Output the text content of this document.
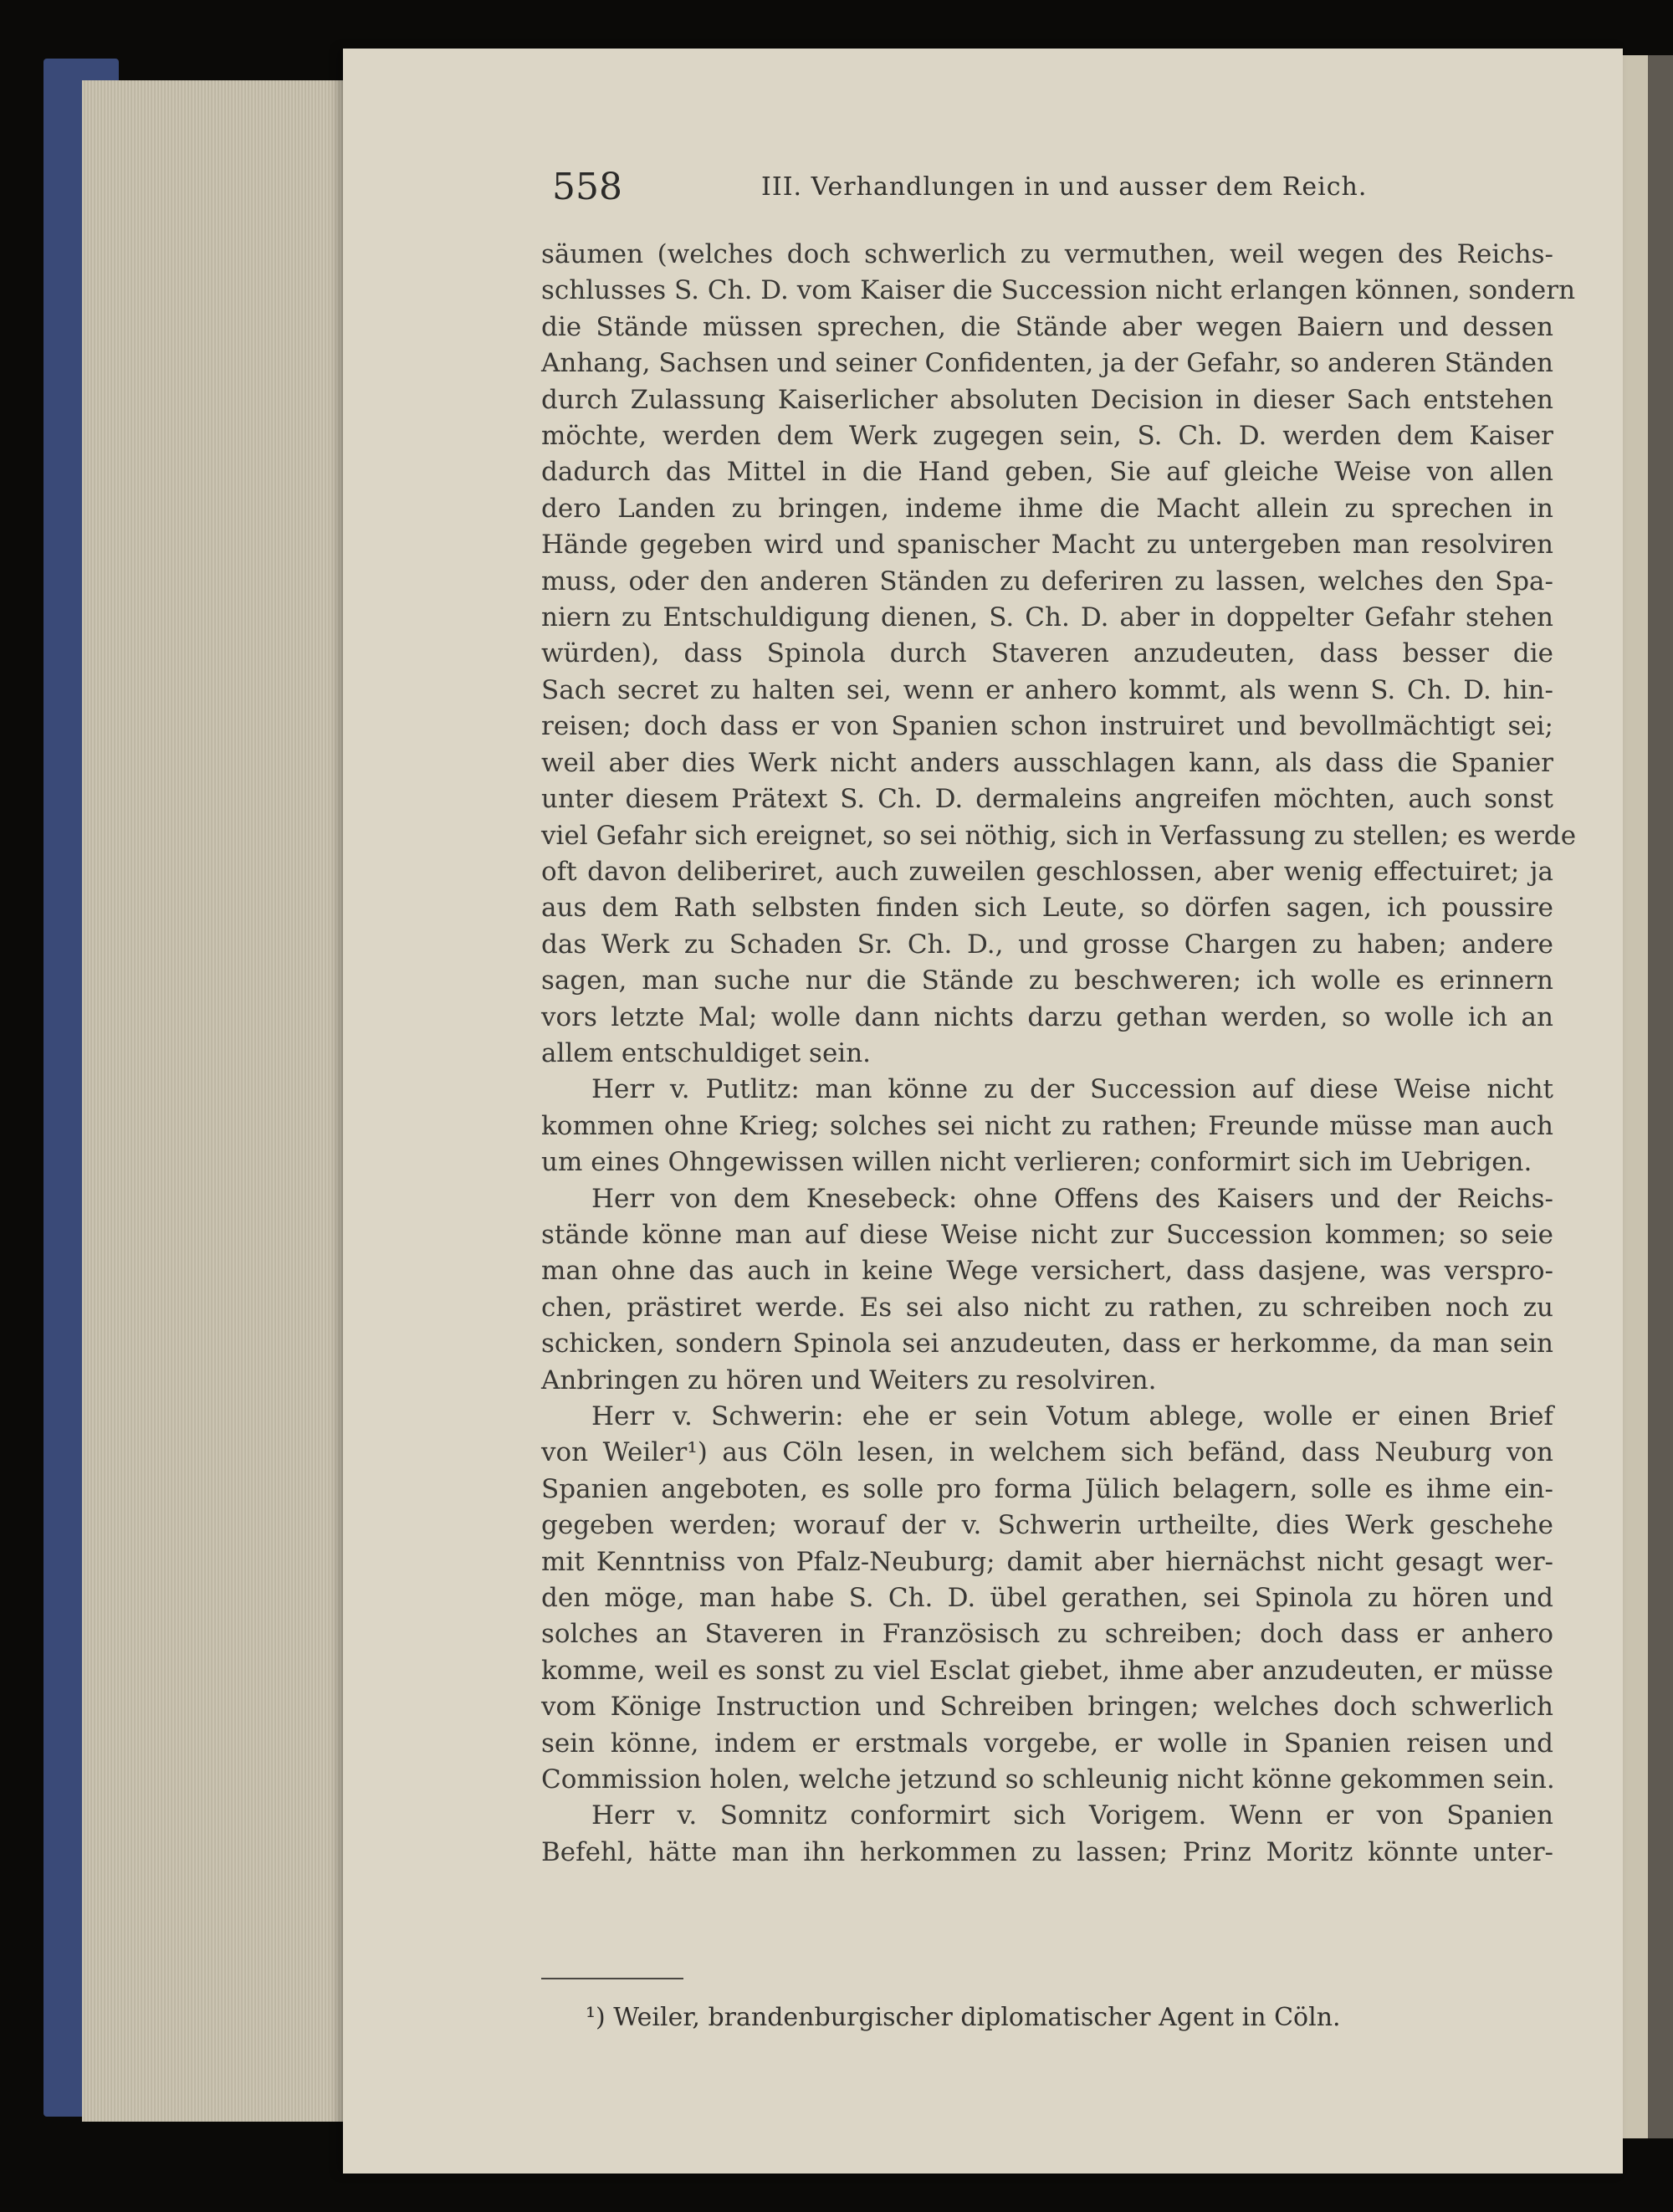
558	III. Verhandlungen in und ausser dem Reich.
säumen (welches doch schwerlich zu vermuthen, weil wegen des Reichs-
schlusses S. Ch. D. vom Kaiser die Succession nicht erlangen können, sondern
die Stände müssen sprechen, die Stände aber wegen Baiern und dessen
Anhang, Sachsen und seiner Confidenten, ja der Gefahr, so anderen Ständen
durch Zulassung Kaiserlicher absoluten Decision in dieser Sach entstehen
möchte, werden dem Werk zugegen sein, S. Ch. D. werden dem Kaiser
dadurch das Mittel in die Hand geben, Sie auf gleiche Weise von allen
dero Landen zu bringen, indeme ihme die Macht allein zu sprechen in
Hände gegeben wird und spanischer Macht zu untergeben man resolviren
muss, oder den anderen Ständen zu deferiren zu lassen, welches den Spa-
niern zu Entschuldigung dienen, S. Ch. D. aber in doppelter Gefahr stehen
würden), dass Spinola durch Staveren anzudeuten, dass besser die
Sach secret zu halten sei, wenn er anhero kommt, als wenn S. Ch. D. hin-
reisen; doch dass er von Spanien schon instruiret und bevollmächtigt sei;
weil aber dies Werk nicht anders ausschlagen kann, als dass die Spanier
unter diesem Prätext S. Ch. D. dermaleins angreifen möchten, auch sonst
viel Gefahr sich ereignet, so sei nöthig, sich in Verfassung zu stellen; es werde
oft davon deliberiret, auch zuweilen geschlossen, aber wenig effectuiret; ja
aus dem Rath selbsten finden sich Leute, so dörfen sagen, ich poussire
das Werk zu Schaden Sr. Ch. D., und grosse Chargen zu haben; andere
sagen, man suche nur die Stände zu beschweren; ich wolle es erinnern
vors letzte Mal; wolle dann nichts darzu gethan werden, so wolle ich an
allem entschuldiget sein.
Herr v. Putlitz: man könne zu der Succession auf diese Weise nicht
kommen ohne Krieg; solches sei nicht zu rathen; Freunde müsse man auch
um eines Ohngewissen willen nicht verlieren; conformirt sich im Uebrigen.
Herr von dem Knesebeck: ohne Offens des Kaisers und der Reichs-
stände könne man auf diese Weise nicht zur Succession kommen; so seie
man ohne das auch in keine Wege versichert, dass dasjene, was verspro-
chen, prästiret werde. Es sei also nicht zu rathen, zu schreiben noch zu
schicken, sondern Spinola sei anzudeuten, dass er herkomme, da man sein
Anbringen zu hören und Weiters zu resolviren.
Herr v. Schwerin: ehe er sein Votum ablege, wolle er einen Brief
von Weiler¹) aus Cöln lesen, in welchem sich befänd, dass Neuburg von
Spanien angeboten, es solle pro forma Jülich belagern, solle es ihme ein-
gegeben werden; worauf der v. Schwerin urtheilte, dies Werk geschehe
mit Kenntniss von Pfalz-Neuburg; damit aber hiernächst nicht gesagt wer-
den möge, man habe S. Ch. D. übel gerathen, sei Spinola zu hören und
solches an Staveren in Französisch zu schreiben; doch dass er anhero
komme, weil es sonst zu viel Esclat giebet, ihme aber anzudeuten, er müsse
vom Könige Instruction und Schreiben bringen; welches doch schwerlich
sein könne, indem er erstmals vorgebe, er wolle in Spanien reisen und
Commission holen, welche jetzund so schleunig nicht könne gekommen sein.
Herr v. Somnitz conformirt sich Vorigem. Wenn er von Spanien
Befehl, hätte man ihn herkommen zu lassen; Prinz Moritz könnte unter-
¹) Weiler, brandenburgischer diplomatischer Agent in Cöln.
